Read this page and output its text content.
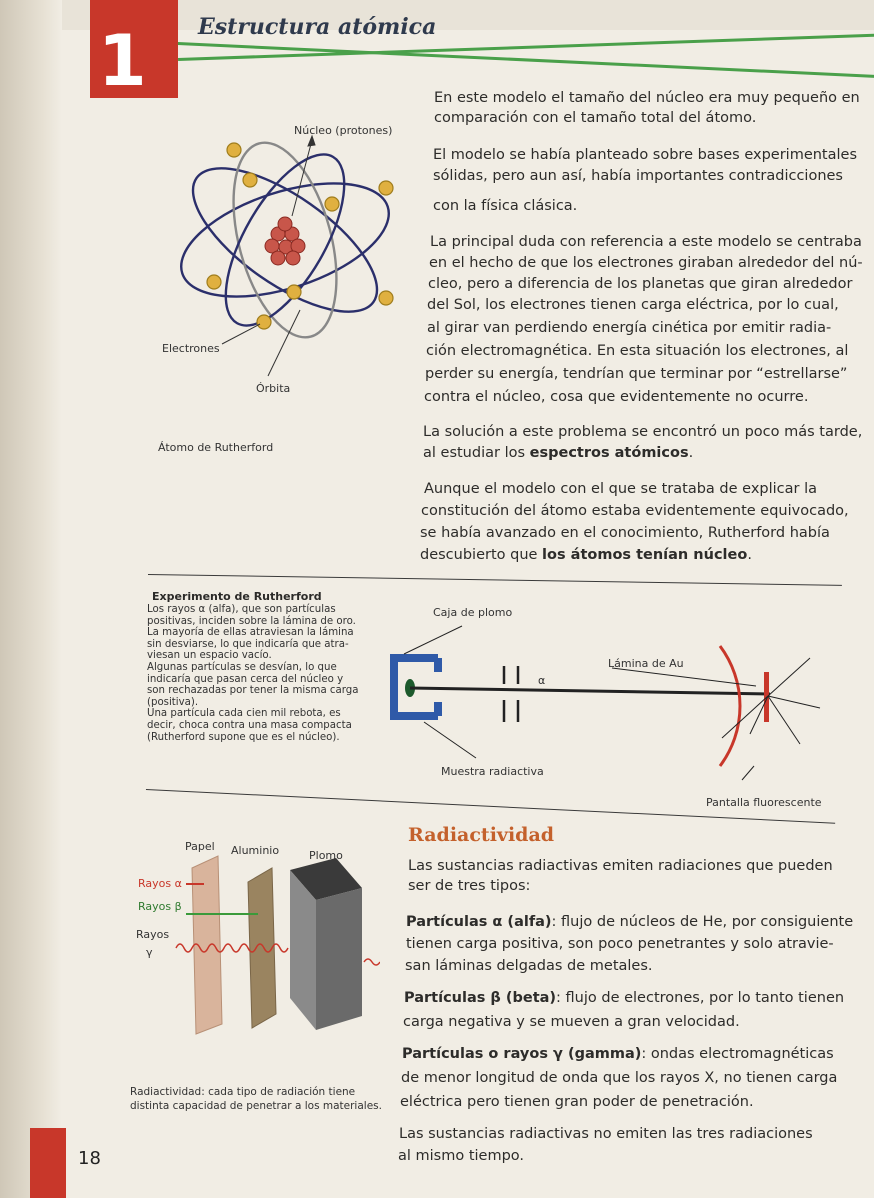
1 Estructura atómica
Núcleo (protones)
Electrones
Órbita
Átomo de Rutherford
En este modelo el tamaño del núcleo era muy pequeño en
comparación con el tamaño total del átomo.
El modelo se había planteado sobre bases experimentales
sólidas, pero aun así, había importantes contradicciones
con la física clásica.
La principal duda con referencia a este modelo se centraba
en el hecho de que los electrones giraban alrededor del nú-
cleo, pero a diferencia de los planetas que giran alrededor
del Sol, los electrones tienen carga eléctrica, por lo cual,
al girar van perdiendo energía cinética por emitir radia-
ción electromagnética. En esta situación los electrones, al
perder su energía, tendrían que terminar por “estrellarse”
contra el núcleo, cosa que evidentemente no ocurre.
La solución a este problema se encontró un poco más tarde,
al estudiar los espectros atómicos.
Aunque el modelo con el que se trataba de explicar la
constitución del átomo estaba evidentemente equivocado,
se había avanzado en el conocimiento, Rutherford había
descubierto que los átomos tenían núcleo.
Experimento de Rutherford
Los rayos α (alfa), que son partículas
positivas, inciden sobre la lámina de oro.
La mayoría de ellas atraviesan la lámina
sin desviarse, lo que indicaría que atra-
viesan un espacio vacío.
Algunas partículas se desvían, lo que
indicaría que pasan cerca del núcleo y
son rechazadas por tener la misma carga
(positiva).
Una partícula cada cien mil rebota, es
decir, choca contra una masa compacta
(Rutherford supone que es el núcleo).
Caja de plomo
Lámina de Au
α
Muestra radiactiva
Pantalla fluorescente
Papel Aluminio	Plomo
Rayos α
Rayos β
Rayos
γ
Radiactividad: cada tipo de radiación tiene
distinta capacidad de penetrar a los materiales.
Radiactividad
Las sustancias radiactivas emiten radiaciones que pueden
ser de tres tipos:
Partículas α (alfa): flujo de núcleos de He, por consiguiente
tienen carga positiva, son poco penetrantes y solo atravie-
san láminas delgadas de metales.
Partículas β (beta): flujo de electrones, por lo tanto tienen
carga negativa y se mueven a gran velocidad.
Partículas o rayos γ (gamma): ondas electromagnéticas
de menor longitud de onda que los rayos X, no tienen carga
eléctrica pero tienen gran poder de penetración.
Las sustancias radiactivas no emiten las tres radiaciones
al mismo tiempo.
18
